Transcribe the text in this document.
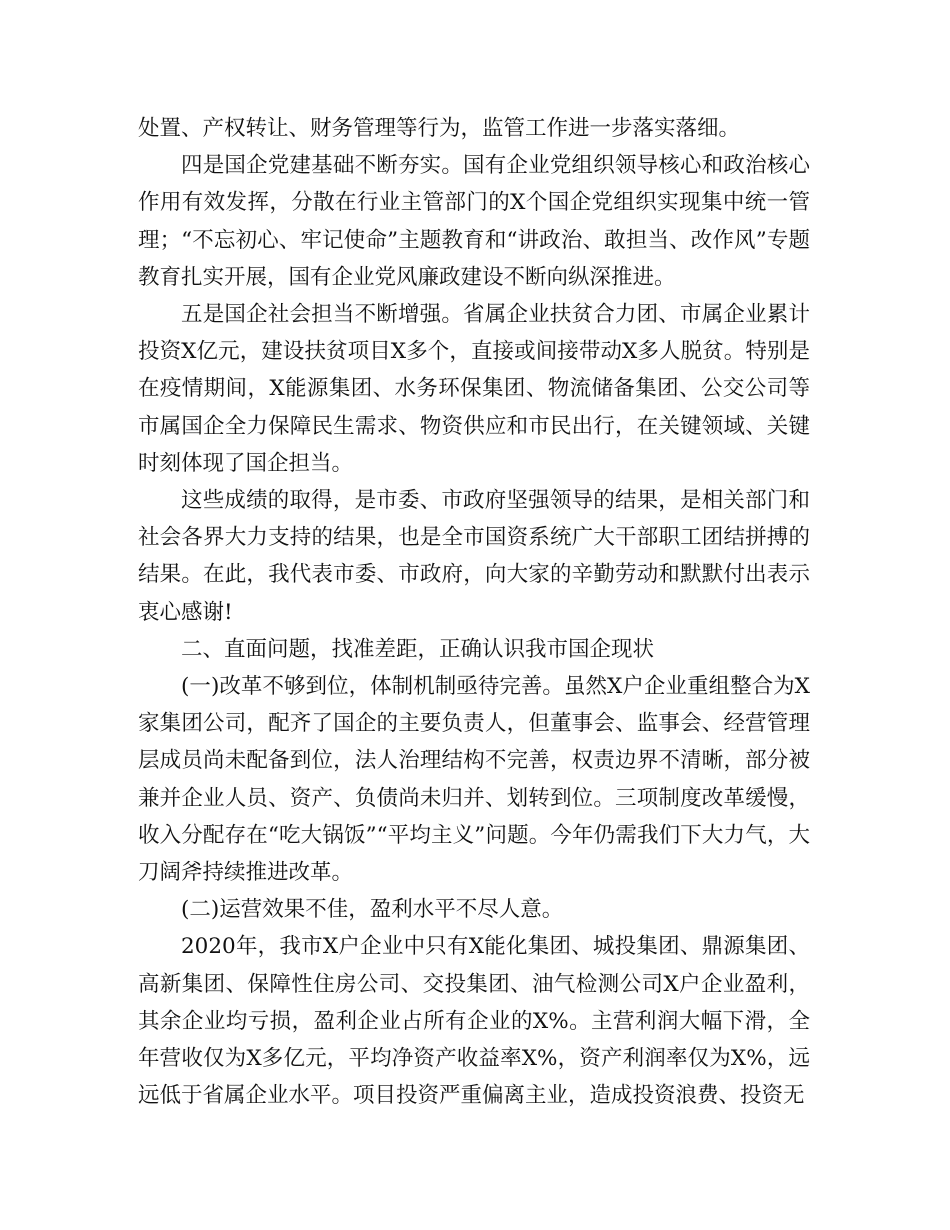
处置、产权转让、财务管理等行为，监管工作进一步落实落细。

四是国企党建基础不断夯实。国有企业党组织领导核心和政治核心作用有效发挥，分散在行业主管部门的X个国企党组织实现集中统一管理；“不忘初心、牢记使命”主题教育和“讲政治、敢担当、改作风”专题教育扎实开展，国有企业党风廉政建设不断向纵深推进。

五是国企社会担当不断增强。省属企业扶贫合力团、市属企业累计投资X亿元，建设扶贫项目X多个，直接或间接带动X多人脱贫。特别是在疫情期间，X能源集团、水务环保集团、物流储备集团、公交公司等市属国企全力保障民生需求、物资供应和市民出行，在关键领域、关键时刻体现了国企担当。

这些成绩的取得，是市委、市政府坚强领导的结果，是相关部门和社会各界大力支持的结果，也是全市国资系统广大干部职工团结拼搏的结果。在此，我代表市委、市政府，向大家的辛勤劳动和默默付出表示衷心感谢!

二、直面问题，找准差距，正确认识我市国企现状

(一)改革不够到位，体制机制亟待完善。虽然X户企业重组整合为X家集团公司，配齐了国企的主要负责人，但董事会、监事会、经营管理层成员尚未配备到位，法人治理结构不完善，权责边界不清晰，部分被兼并企业人员、资产、负债尚未归并、划转到位。三项制度改革缓慢，收入分配存在“吃大锅饭”“平均主义”问题。今年仍需我们下大力气，大刀阔斧持续推进改革。

(二)运营效果不佳，盈利水平不尽人意。

2020年，我市X户企业中只有X能化集团、城投集团、鼎源集团、高新集团、保障性住房公司、交投集团、油气检测公司X户企业盈利，其余企业均亏损，盈利企业占所有企业的X%。主营利润大幅下滑，全年营收仅为X多亿元，平均净资产收益率X%，资产利润率仅为X%，远远低于省属企业水平。项目投资严重偏离主业，造成投资浪费、投资无
